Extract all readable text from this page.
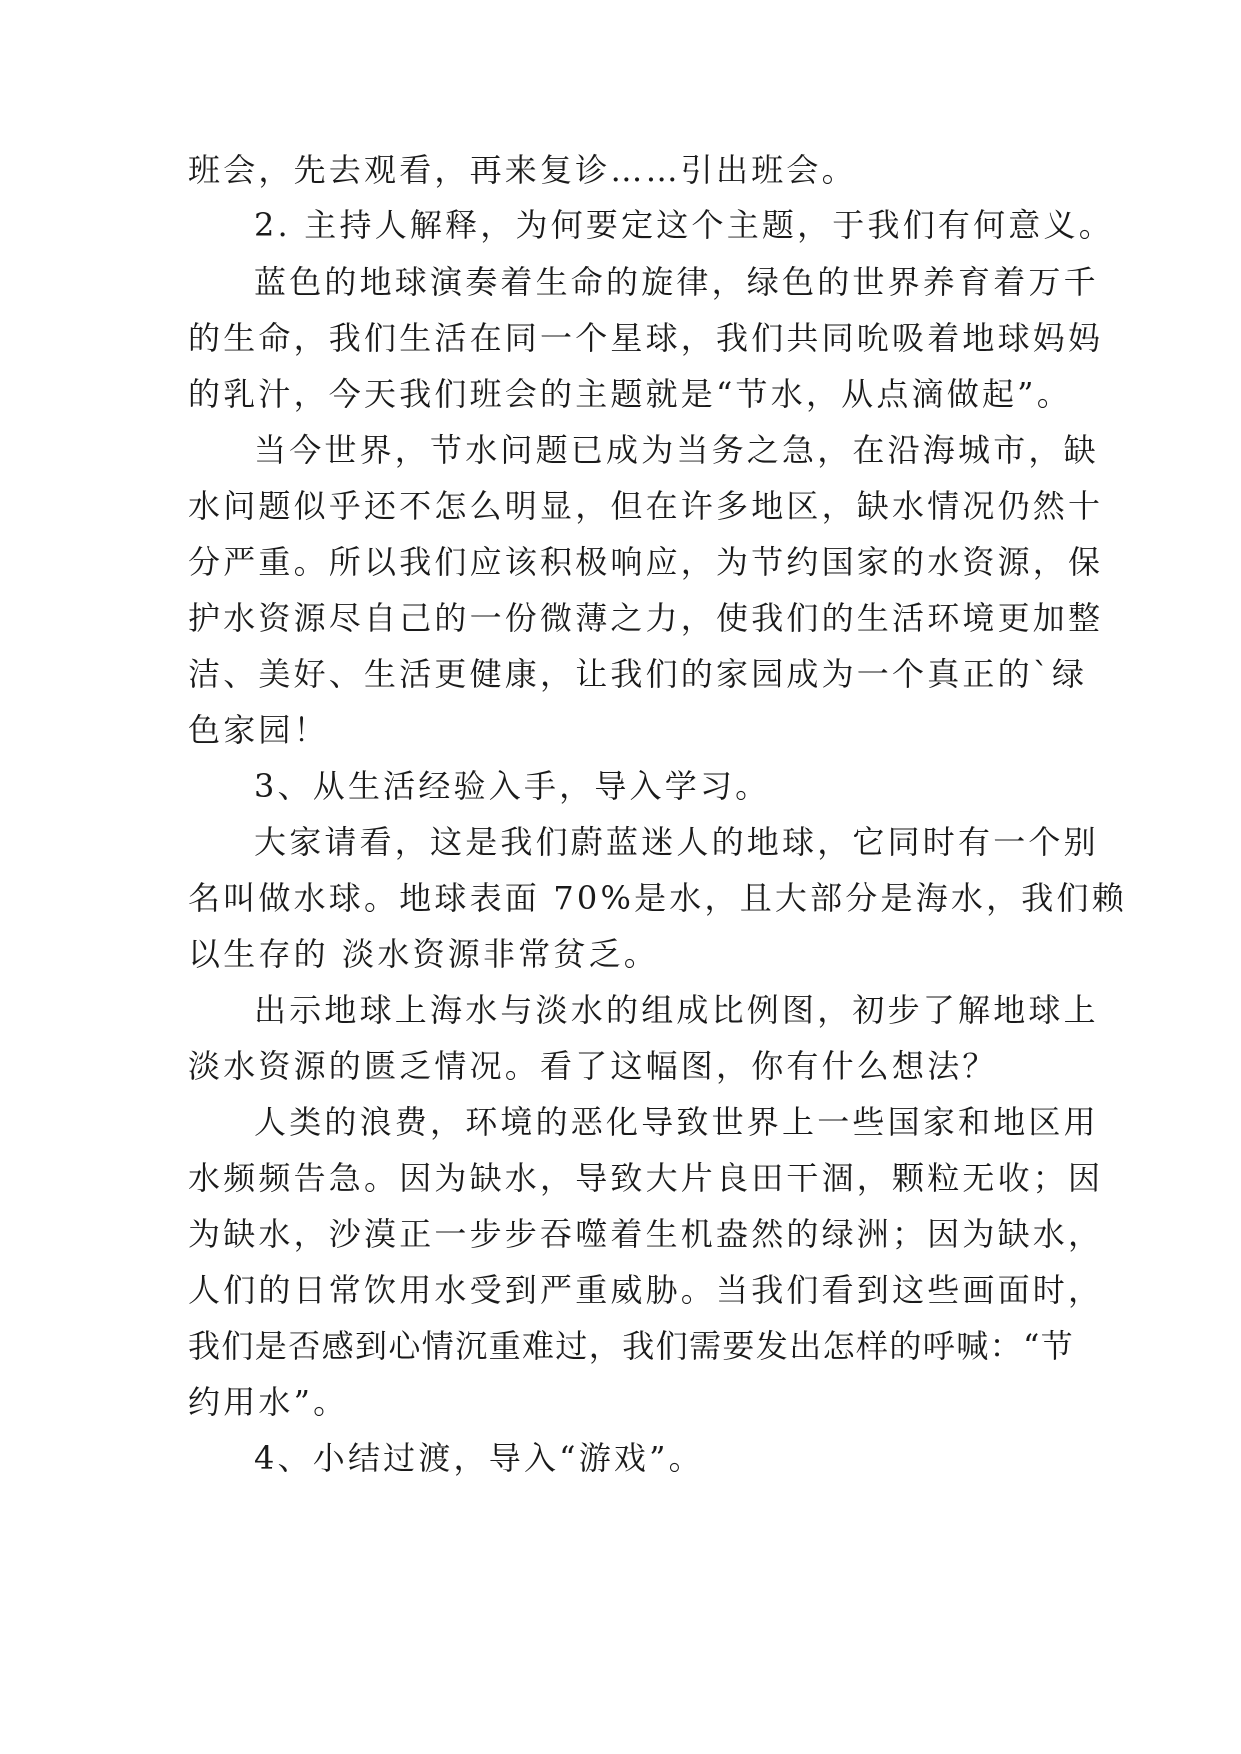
班会，先去观看，再来复诊……引出班会。
2. 主持人解释，为何要定这个主题，于我们有何意义。
蓝色的地球演奏着生命的旋律，绿色的世界养育着万千
的生命，我们生活在同一个星球，我们共同吮吸着地球妈妈
的乳汁，今天我们班会的主题就是“节水，从点滴做起”。
当今世界，节水问题已成为当务之急，在沿海城市，缺
水问题似乎还不怎么明显，但在许多地区，缺水情况仍然十
分严重。所以我们应该积极响应，为节约国家的水资源，保
护水资源尽自己的一份微薄之力，使我们的生活环境更加整
洁、美好、生活更健康，让我们的家园成为一个真正的`绿
色家园！
3、从生活经验入手，导入学习。
大家请看，这是我们蔚蓝迷人的地球，它同时有一个别
名叫做水球。地球表面 70%是水，且大部分是海水，我们赖
以生存的 淡水资源非常贫乏。
出示地球上海水与淡水的组成比例图，初步了解地球上
淡水资源的匮乏情况。看了这幅图，你有什么想法？
人类的浪费，环境的恶化导致世界上一些国家和地区用
水频频告急。因为缺水，导致大片良田干涸，颗粒无收；因
为缺水，沙漠正一步步吞噬着生机盎然的绿洲；因为缺水，
人们的日常饮用水受到严重威胁。当我们看到这些画面时，
我们是否感到心情沉重难过，我们需要发出怎样的呼喊：“节
约用水”。
4、小结过渡，导入“游戏”。
